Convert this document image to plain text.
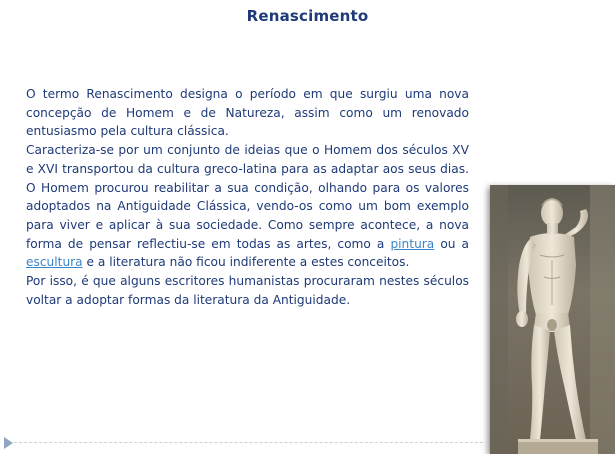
Renascimento

O termo Renascimento designa o período em que surgiu uma nova concepção de Homem e de Natureza, assim como um renovado entusiasmo pela cultura clássica.

Caracteriza-se por um conjunto de ideias que o Homem dos séculos XV e XVI transportou da cultura greco-latina para as adaptar aos seus dias. O Homem procurou reabilitar a sua condição, olhando para os valores adoptados na Antiguidade Clássica, vendo-os como um bom exemplo para viver e aplicar à sua sociedade. Como sempre acontece, a nova forma de pensar reflectiu-se em todas as artes, como a pintura ou a escultura e a literatura não ficou indiferente a estes conceitos.

Por isso, é que alguns escritores humanistas procuraram nestes séculos voltar a adoptar formas da literatura da Antiguidade.
